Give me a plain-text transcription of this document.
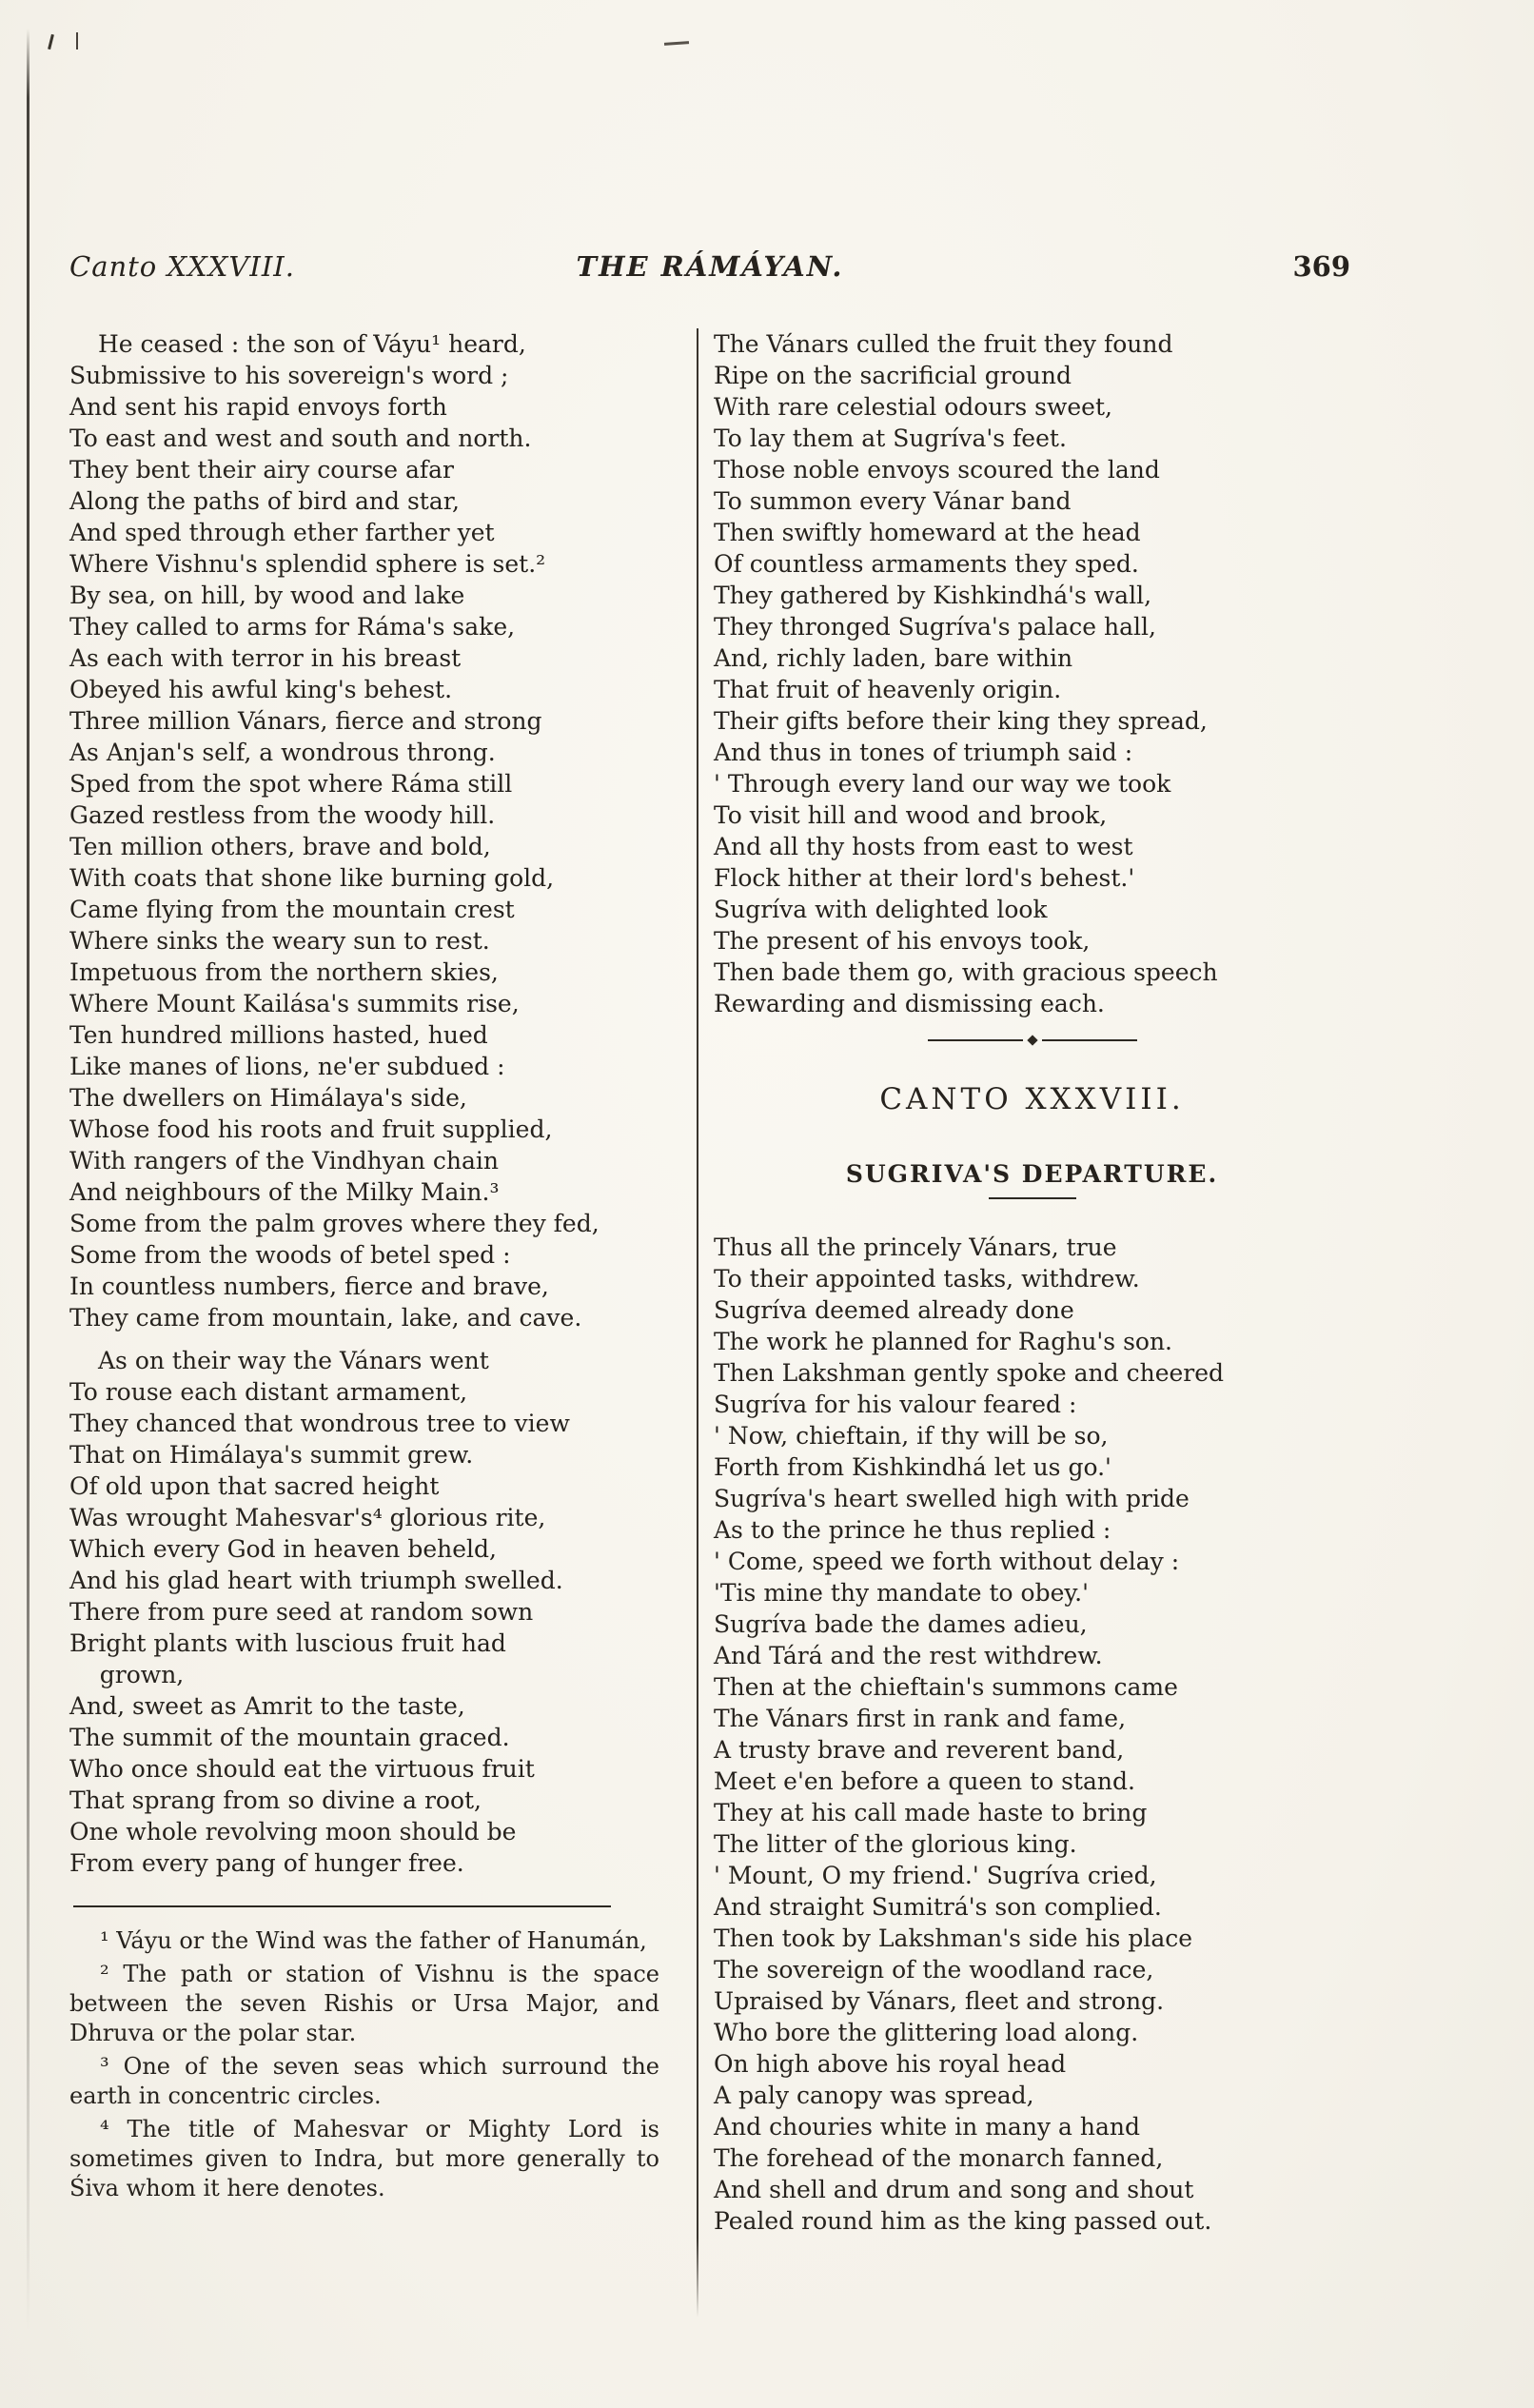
Canto XXXVIII.	THE RÁMÁYAN.	369
He ceased : the son of Váyu¹ heard,
Submissive to his sovereign's word ;
And sent his rapid envoys forth
To east and west and south and north.
They bent their airy course afar
Along the paths of bird and star,
And sped through ether farther yet
Where Vishnu's splendid sphere is set.²
By sea, on hill, by wood and lake
They called to arms for Ráma's sake,
As each with terror in his breast
Obeyed his awful king's behest.
Three million Vánars, fierce and strong
As Anjan's self, a wondrous throng.
Sped from the spot where Ráma still
Gazed restless from the woody hill.
Ten million others, brave and bold,
With coats that shone like burning gold,
Came flying from the mountain crest
Where sinks the weary sun to rest.
Impetuous from the northern skies,
Where Mount Kailása's summits rise,
Ten hundred millions hasted, hued
Like manes of lions, ne'er subdued :
The dwellers on Himálaya's side,
Whose food his roots and fruit supplied,
With rangers of the Vindhyan chain
And neighbours of the Milky Main.³
Some from the palm groves where they fed,
Some from the woods of betel sped :
In countless numbers, fierce and brave,
They came from mountain, lake, and cave.
As on their way the Vánars went
To rouse each distant armament,
They chanced that wondrous tree to view
That on Himálaya's summit grew.
Of old upon that sacred height
Was wrought Mahesvar's⁴ glorious rite,
Which every God in heaven beheld,
And his glad heart with triumph swelled.
There from pure seed at random sown
Bright plants with luscious fruit had
grown,
And, sweet as Amrit to the taste,
The summit of the mountain graced.
Who once should eat the virtuous fruit
That sprang from so divine a root,
One whole revolving moon should be
From every pang of hunger free.

¹ Váyu or the Wind was the father of Hanumán,

² The path or station of Vishnu is the space between the seven Rishis or Ursa Major, and Dhruva or the polar star.

³ One of the seven seas which surround the earth in concentric circles.

⁴ The title of Mahesvar or Mighty Lord is sometimes given to Indra, but more generally to Śiva whom it here denotes.

The Vánars culled the fruit they found
Ripe on the sacrificial ground
With rare celestial odours sweet,
To lay them at Sugríva's feet.
Those noble envoys scoured the land
To summon every Vánar band
Then swiftly homeward at the head
Of countless armaments they sped.
They gathered by Kishkindhá's wall,
They thronged Sugríva's palace hall,
And, richly laden, bare within
That fruit of heavenly origin.
Their gifts before their king they spread,
And thus in tones of triumph said :
' Through every land our way we took
To visit hill and wood and brook,
And all thy hosts from east to west
Flock hither at their lord's behest.'
Sugríva with delighted look
The present of his envoys took,
Then bade them go, with gracious speech
Rewarding and dismissing each.
CANTO XXXVIII.
SUGRIVA'S DEPARTURE.
Thus all the princely Vánars, true
To their appointed tasks, withdrew.
Sugríva deemed already done
The work he planned for Raghu's son.
Then Lakshman gently spoke and cheered
Sugríva for his valour feared :
' Now, chieftain, if thy will be so,
Forth from Kishkindhá let us go.'
Sugríva's heart swelled high with pride
As to the prince he thus replied :
' Come, speed we forth without delay :
'Tis mine thy mandate to obey.'
Sugríva bade the dames adieu,
And Tárá and the rest withdrew.
Then at the chieftain's summons came
The Vánars first in rank and fame,
A trusty brave and reverent band,
Meet e'en before a queen to stand.
They at his call made haste to bring
The litter of the glorious king.
' Mount, O my friend.' Sugríva cried,
And straight Sumitrá's son complied.
Then took by Lakshman's side his place
The sovereign of the woodland race,
Upraised by Vánars, fleet and strong.
Who bore the glittering load along.
On high above his royal head
A paly canopy was spread,
And chouries white in many a hand
The forehead of the monarch fanned,
And shell and drum and song and shout
Pealed round him as the king passed out.
